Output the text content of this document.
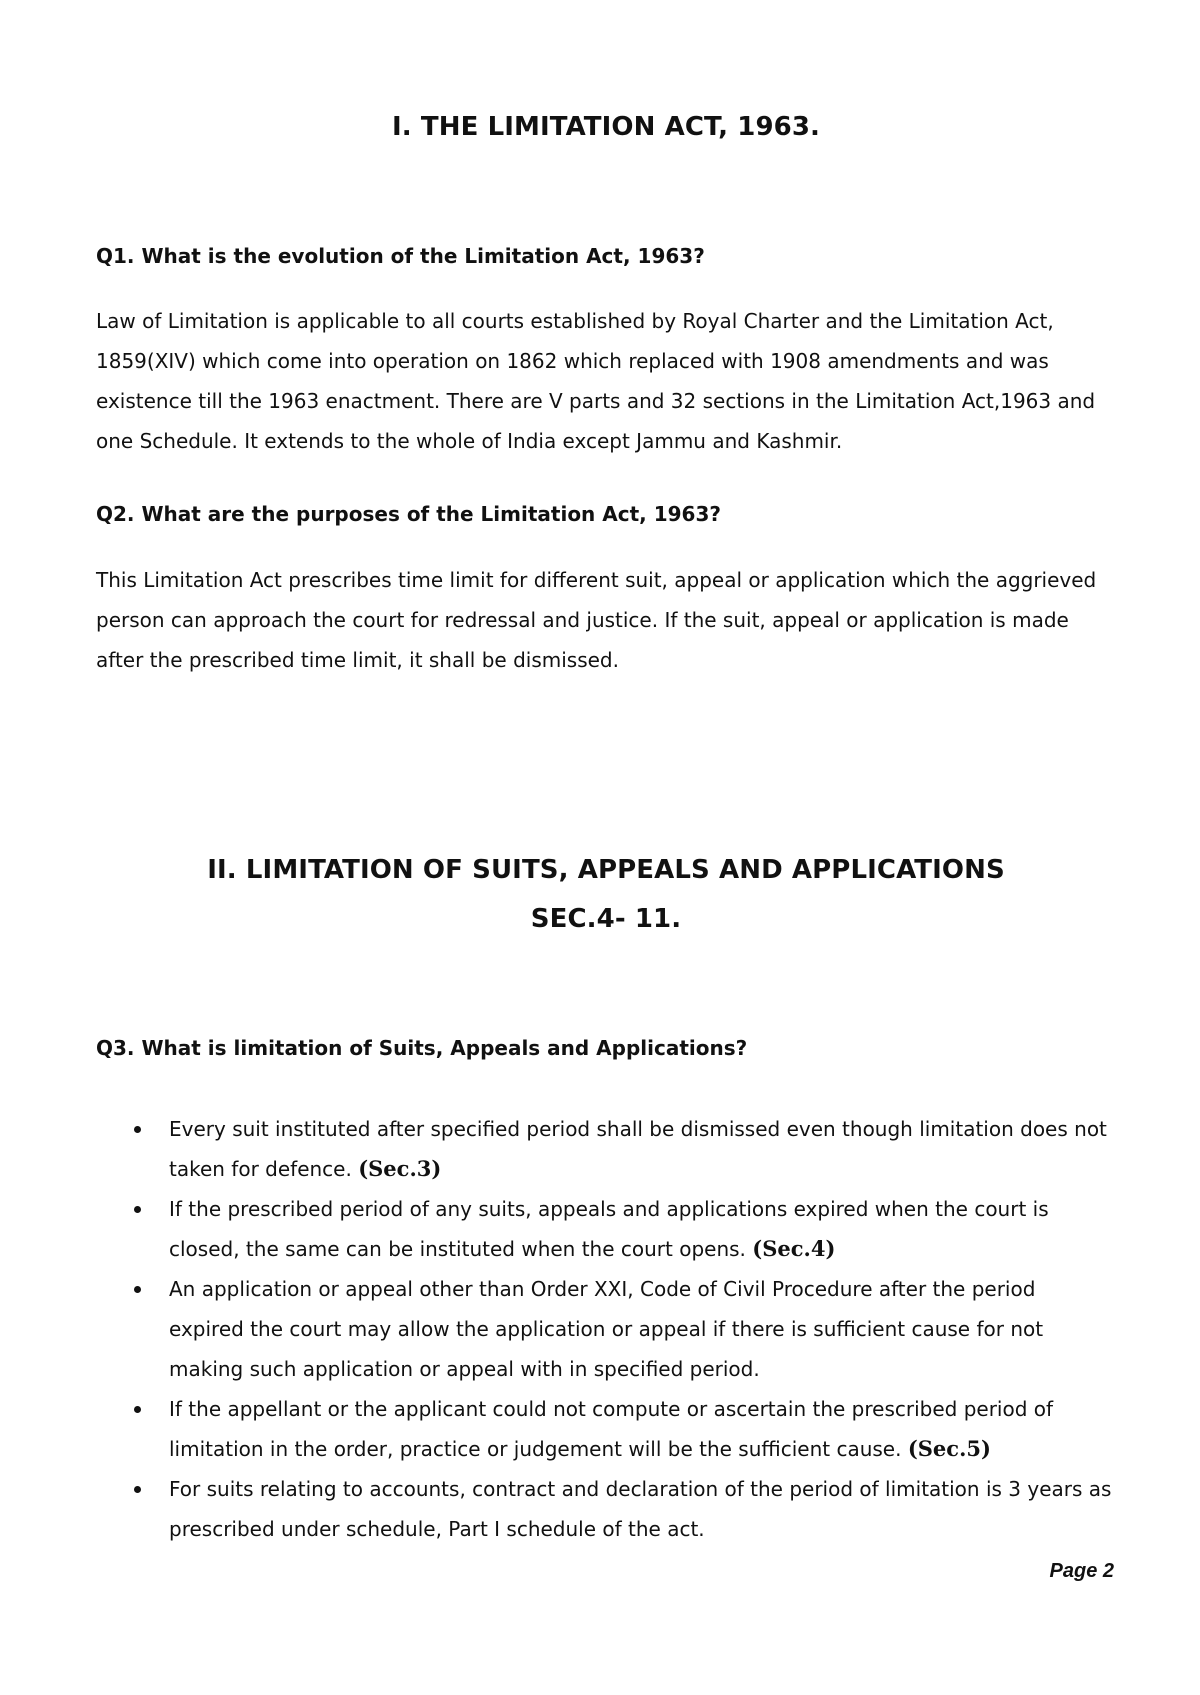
I. THE LIMITATION ACT, 1963.
Q1. What is the evolution of the Limitation Act, 1963?
Law of Limitation is applicable to all courts established by Royal Charter and the Limitation Act, 1859(XIV) which come into operation on 1862 which replaced with 1908 amendments and was existence till the 1963 enactment. There are V parts and 32 sections in the Limitation Act,1963 and one Schedule. It extends to the whole of India except Jammu and Kashmir.
Q2. What are the purposes of the Limitation Act, 1963?
This Limitation Act prescribes time limit for different suit, appeal or application which the aggrieved person can approach the court for redressal and justice. If the suit, appeal or application is made after the prescribed time limit, it shall be dismissed.
II. LIMITATION OF SUITS, APPEALS AND APPLICATIONS
SEC.4- 11.
Q3. What is limitation of Suits, Appeals and Applications?
Every suit instituted after specified period shall be dismissed even though limitation does not taken for defence. (Sec.3)
If the prescribed period of any suits, appeals and applications expired when the court is closed, the same can be instituted when the court opens. (Sec.4)
An application or appeal other than Order XXI, Code of Civil Procedure after the period expired the court may allow the application or appeal if there is sufficient cause for not making such application or appeal with in specified period.
If the appellant or the applicant could not compute or ascertain the prescribed period of limitation in the order, practice or judgement will be the sufficient cause. (Sec.5)
For suits relating to accounts, contract and declaration of the period of limitation is 3 years as prescribed under schedule, Part I schedule of the act.
Page 2
